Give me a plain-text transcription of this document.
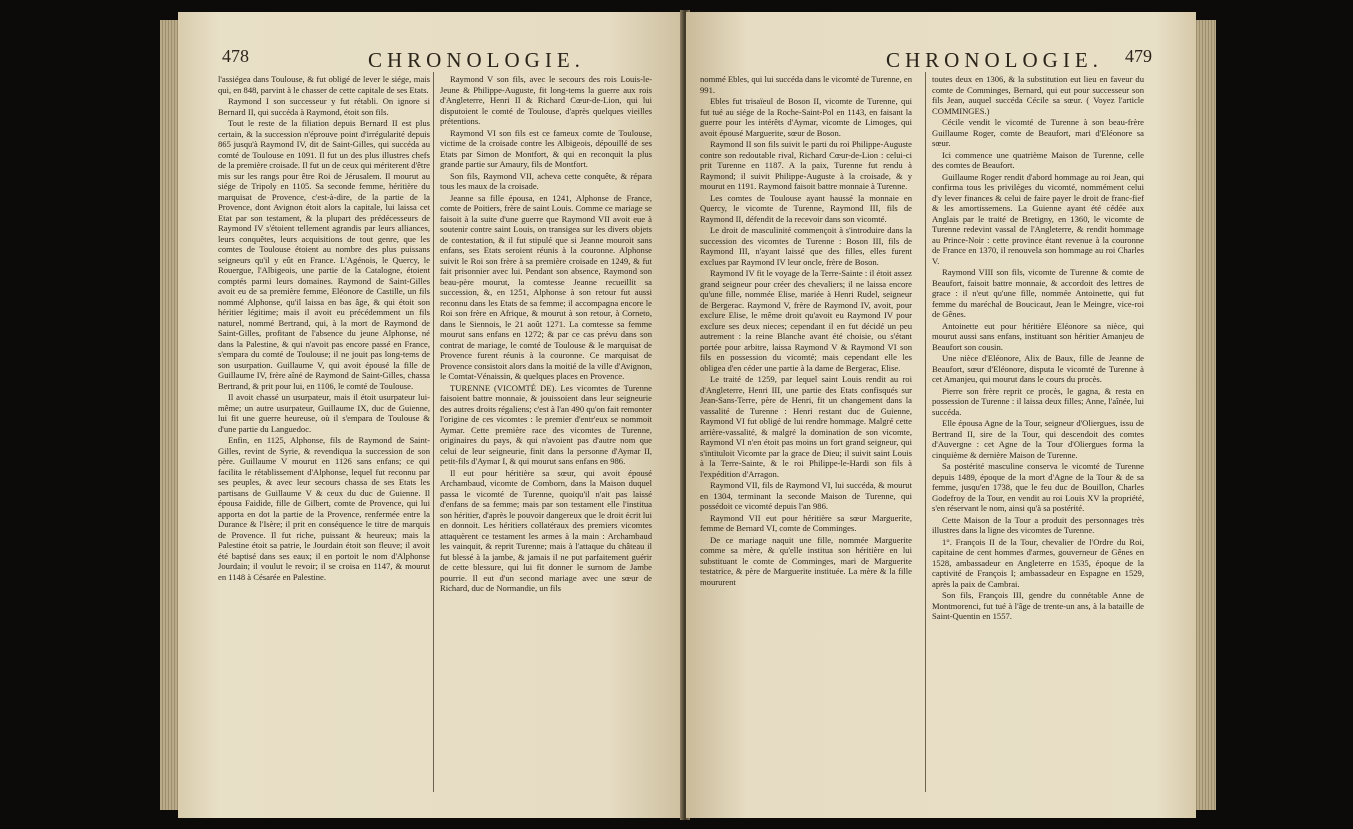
478	CHRONOLOGIE.

l'assiégea dans Toulouse, & fut obligé de lever le siége, mais qui, en 848, parvint à le chasser de cette capitale de ses Etats.

Raymond I son successeur y fut rétabli. On ignore si Bernard II, qui succéda à Raymond, étoit son fils.

Tout le reste de la filiation depuis Bernard II est plus certain, & la succession n'éprouve point d'irrégularité depuis 865 jusqu'à Raymond IV, dit de Saint-Gilles, qui succéda au comté de Toulouse en 1091. Il fut un des plus illustres chefs de la première croisade. Il fut un de ceux qui mériterent d'être mis sur les rangs pour être Roi de Jérusalem. Il mourut au siége de Tripoly en 1105. Sa seconde femme, héritière du marquisat de Provence, c'est-à-dire, de la partie de la Provence, dont Avignon étoit alors la capitale, lui laissa cet Etat par son testament, & la plupart des prédécesseurs de Raymond IV s'étoient tellement agrandis par leurs alliances, leurs conquêtes, leurs acquisitions de tout genre, que les comtes de Toulouse étoient au nombre des plus puissans seigneurs qu'il y eût en France. L'Agénois, le Quercy, le Rouergue, l'Albigeois, une partie de la Catalogne, étoient comptés parmi leurs domaines. Raymond de Saint-Gilles avoit eu de sa première femme, Eléonore de Castille, un fils nommé Alphonse, qu'il laissa en bas âge, & qui étoit son héritier légitime; mais il avoit eu précédemment un fils naturel, nommé Bertrand, qui, à la mort de Raymond de Saint-Gilles, profitant de l'absence du jeune Alphonse, né dans la Palestine, & qui n'avoit pas encore passé en France, s'empara du comté de Toulouse; il ne jouit pas long-tems de son usurpation. Guillaume V, qui avoit épousé la fille de Guillaume IV, frère aîné de Raymond de Saint-Gilles, chassa Bertrand, & prit pour lui, en 1106, le comté de Toulouse.

Il avoit chassé un usurpateur, mais il étoit usurpateur lui-même; un autre usurpateur, Guillaume IX, duc de Guienne, lui fit une guerre heureuse, où il s'empara de Toulouse & d'une partie du Languedoc.

Enfin, en 1125, Alphonse, fils de Raymond de Saint-Gilles, revint de Syrie, & revendiqua la succession de son père. Guillaume V mourut en 1126 sans enfans; ce qui facilita le rétablissement d'Alphonse, lequel fut reconnu par ses peuples, & avec leur secours chassa de ses Etats les partisans de Guillaume V & ceux du duc de Guienne. Il épousa Faidide, fille de Gilbert, comte de Provence, qui lui apporta en dot la partie de la Provence, renfermée entre la Durance & l'Isère; il prit en conséquence le titre de marquis de Provence. Il fut riche, puissant & heureux; mais la Palestine étoit sa patrie, le Jourdain étoit son fleuve; il avoit été baptisé dans ses eaux; il en portoit le nom d'Alphonse Jourdain; il voulut le revoir; il se croisa en 1147, & mourut en 1148 à Césarée en Palestine.

Raymond V son fils, avec le secours des rois Louis-le-Jeune & Philippe-Auguste, fit long-tems la guerre aux rois d'Angleterre, Henri II & Richard Cœur-de-Lion, qui lui disputoient le comté de Toulouse, d'après quelques vieilles prétentions.

Raymond VI son fils est ce fameux comte de Toulouse, victime de la croisade contre les Albigeois, dépouillé de ses Etats par Simon de Montfort, & qui en reconquit la plus grande partie sur Amaury, fils de Montfort.

Son fils, Raymond VII, acheva cette conquête, & répara tous les maux de la croisade.

Jeanne sa fille épousa, en 1241, Alphonse de France, comte de Poitiers, frère de saint Louis. Comme ce mariage se faisoit à la suite d'une guerre que Raymond VII avoit eue à soutenir contre saint Louis, on transigea sur les divers objets de contestation, & il fut stipulé que si Jeanne mouroit sans enfans, ses Etats seroient réunis à la couronne. Alphonse suivit le Roi son frère à sa première croisade en 1249, & fut fait prisonnier avec lui. Pendant son absence, Raymond son beau-père mourut, la comtesse Jeanne recueillit sa succession, &, en 1251, Alphonse à son retour fut aussi reconnu dans les Etats de sa femme; il accompagna encore le Roi son frère en Afrique, & mourut à son retour, à Corneto, dans le Siennois, le 21 août 1271. La comtesse sa femme mourut sans enfans en 1272; & par ce cas prévu dans son contrat de mariage, le comté de Toulouse & le marquisat de Provence furent réunis à la couronne. Ce marquisat de Provence consistoit alors dans la moitié de la ville d'Avignon, le Comtat-Vénaissin, & quelques places en Provence.

TURENNE (VICOMTÉ DE). Les vicomtes de Turenne faisoient battre monnaie, & jouissoient dans leur seigneurie des autres droits régaliens; c'est à l'an 490 qu'on fait remonter l'origine de ces vicomtes : le premier d'entr'eux se nommoit Aymar. Cette première race des vicomtes de Turenne, originaires du pays, & qui n'avoient pas d'autre nom que celui de leur seigneurie, finit dans la personne d'Aymar II, petit-fils d'Aymar I, & qui mourut sans enfans en 986.

Il eut pour héritière sa sœur, qui avoit épousé Archambaud, vicomte de Comborn, dans la Maison duquel passa le vicomté de Turenne, quoiqu'il n'ait pas laissé d'enfans de sa femme; mais par son testament elle l'institua son héritier, d'après le pouvoir dangereux que le droit écrit lui en donnoit. Les héritiers collatéraux des premiers vicomtes attaquèrent ce testament les armes à la main : Archambaud les vainquit, & reprit Turenne; mais à l'attaque du château il fut blessé à la jambe, & jamais il ne put parfaitement guérir de cette blessure, qui lui fit donner le surnom de Jambe pourrie. Il eut d'un second mariage avec une sœur de Richard, duc de Normandie, un fils

CHRONOLOGIE. 479

nommé Ebles, qui lui succéda dans le vicomté de Turenne, en 991.

Ebles fut trisaïeul de Boson II, vicomte de Turenne, qui fut tué au siége de la Roche-Saint-Pol en 1143, en faisant la guerre pour les intérêts d'Aymar, vicomte de Limoges, qui avoit épousé Marguerite, sœur de Boson.

Raymond II son fils suivit le parti du roi Philippe-Auguste contre son redoutable rival, Richard Cœur-de-Lion : celui-ci prit Turenne en 1187. A la paix, Turenne fut rendu à Raymond; il suivit Philippe-Auguste à la croisade, & y mourut en 1191. Raymond faisoit battre monnaie à Turenne.

Les comtes de Toulouse ayant haussé la monnaie en Quercy, le vicomte de Turenne, Raymond III, fils de Raymond II, défendit de la recevoir dans son vicomté.

Le droit de masculinité commençoit à s'introduire dans la succession des vicomtes de Turenne : Boson III, fils de Raymond III, n'ayant laissé que des filles, elles furent exclues par Raymond IV leur oncle, frère de Boson.

Raymond IV fit le voyage de la Terre-Sainte : il étoit assez grand seigneur pour créer des chevaliers; il ne laissa encore qu'une fille, nommée Elise, mariée à Henri Rudel, seigneur de Bergerac. Raymond V, frère de Raymond IV, avoit, pour exclure Elise, le même droit qu'avoit eu Raymond IV pour exclure ses deux nieces; cependant il en fut décidé un peu autrement : la reine Blanche avant été choisie, ou s'étant portée pour arbitre, laissa Raymond V & Raymond VI son fils en possession du vicomté; mais cependant elle les obligea d'en céder une partie à la dame de Bergerac, Elise.

Le traité de 1259, par lequel saint Louis rendit au roi d'Angleterre, Henri III, une partie des Etats confisqués sur Jean-Sans-Terre, père de Henri, fit un changement dans la vassalité de Turenne : Henri restant duc de Guienne, Raymond VI fut obligé de lui rendre hommage. Malgré cette arrière-vassalité, & malgré la domination de son vicomte, Raymond VI n'en étoit pas moins un fort grand seigneur, qui s'intituloit Vicomte par la grace de Dieu; il suivit saint Louis à la Terre-Sainte, & le roi Philippe-le-Hardi son fils à l'expédition d'Arragon.

Raymond VII, fils de Raymond VI, lui succéda, & mourut en 1304, terminant la seconde Maison de Turenne, qui possédoit ce vicomté depuis l'an 986.

Raymond VII eut pour héritière sa sœur Marguerite, femme de Bernard VI, comte de Comminges.

De ce mariage naquit une fille, nommée Marguerite comme sa mère, & qu'elle institua son héritière en lui substituant le comte de Comminges, mari de Marguerite testatrice, & père de Marguerite instituée. La mère & la fille moururent

toutes deux en 1306, & la substitution eut lieu en faveur du comte de Comminges, Bernard, qui eut pour successeur son fils Jean, auquel succéda Cécile sa sœur. ( Voyez l'article COMMINGES.)

Cécile vendit le vicomté de Turenne à son beau-frère Guillaume Roger, comte de Beaufort, mari d'Eléonore sa sœur.

Ici commence une quatrième Maison de Turenne, celle des comtes de Beaufort.

Guillaume Roger rendit d'abord hommage au roi Jean, qui confirma tous les priviléges du vicomté, nommément celui d'y lever finances & celui de faire payer le droit de franc-fief & les amortissemens. La Guienne ayant été cédée aux Anglais par le traité de Bretigny, en 1360, le vicomte de Turenne redevint vassal de l'Angleterre, & rendit hommage au Prince-Noir : cette province étant revenue à la couronne de France en 1370, il renouvela son hommage au roi Charles V.

Raymond VIII son fils, vicomte de Turenne & comte de Beaufort, faisoit battre monnaie, & accordoit des lettres de grace : il n'eut qu'une fille, nommée Antoinette, qui fut femme du maréchal de Boucicaut, Jean le Meingre, vice-roi de Gênes.

Antoinette eut pour héritière Eléonore sa nièce, qui mourut aussi sans enfans, instituant son héritier Amanjeu de Beaufort son cousin.

Une nièce d'Eléonore, Alix de Baux, fille de Jeanne de Beaufort, sœur d'Eléonore, disputa le vicomté de Turenne à cet Amanjeu, qui mourut dans le cours du procès.

Pierre son frère reprit ce procès, le gagna, & resta en possession de Turenne : il laissa deux filles; Anne, l'aînée, lui succéda.

Elle épousa Agne de la Tour, seigneur d'Oliergues, issu de Bertrand II, sire de la Tour, qui descendoit des comtes d'Auvergne : cet Agne de la Tour d'Oliergues forma la cinquième & dernière Maison de Turenne.

Sa postérité masculine conserva le vicomté de Turenne depuis 1489, époque de la mort d'Agne de la Tour & de sa femme, jusqu'en 1738, que le feu duc de Bouillon, Charles Godefroy de la Tour, en vendit au roi Louis XV la propriété, s'en réservant le nom, ainsi qu'à sa postérité.

Cette Maison de la Tour a produit des personnages très illustres dans la ligne des vicomtes de Turenne.

1°. François II de la Tour, chevalier de l'Ordre du Roi, capitaine de cent hommes d'armes, gouverneur de Gênes en 1528, ambassadeur en Angleterre en 1535, époque de la captivité de François I; ambassadeur en Espagne en 1529, après la paix de Cambrai.

Son fils, François III, gendre du connétable Anne de Montmorenci, fut tué à l'âge de trente-un ans, à la bataille de Saint-Quentin en 1557.
